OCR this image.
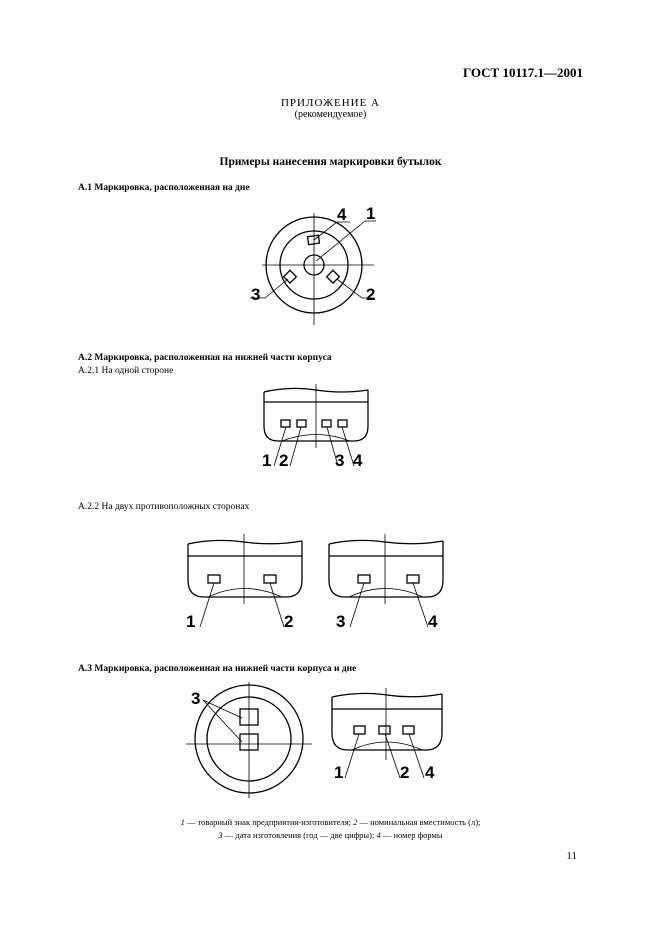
ГОСТ 10117.1—2001
ПРИЛОЖЕНИЕ А
(рекомендуемое)
Примеры нанесения маркировки бутылок
А.1 Маркировка, расположенная на дне
А.2 Маркировка, расположенная на нижней части корпуса
А.2.1 На одной стороне
А.2.2 На двух противоположных сторонах
А.3 Маркировка, расположенная на нижней части корпуса и дне
4 1
3	2
1 2	3 4
1	2	3	4
3
1	2 4
1 — товарный знак предприятия-изготовителя; 2 — номинальная вместимость (л);
3 — дата изготовления (год — две цифры); 4 — номер формы
11
